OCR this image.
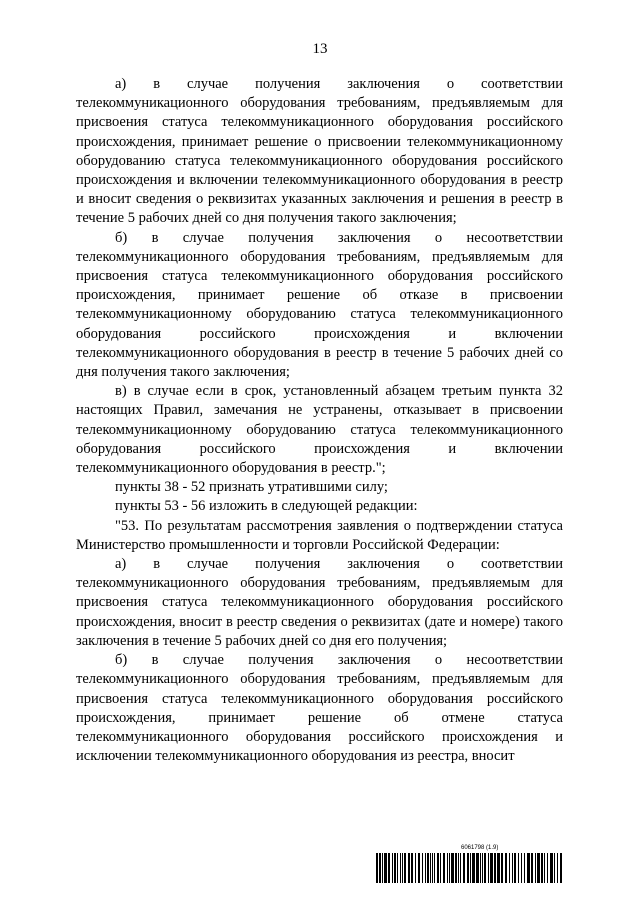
13

а) в случае получения заключения о соответствии телекоммуникационного оборудования требованиям, предъявляемым для присвоения статуса телекоммуникационного оборудования российского происхождения, принимает решение о присвоении телекоммуникационному оборудованию статуса телекоммуникационного оборудования российского происхождения и включении телекоммуникационного оборудования в реестр и вносит сведения о реквизитах указанных заключения и решения в реестр в течение 5 рабочих дней со дня получения такого заключения;

б) в случае получения заключения о несоответствии телекоммуникационного оборудования требованиям, предъявляемым для присвоения статуса телекоммуникационного оборудования российского происхождения, принимает решение об отказе в присвоении телекоммуникационному оборудованию статуса телекоммуникационного оборудования российского происхождения и включении телекоммуникационного оборудования в реестр в течение 5 рабочих дней со дня получения такого заключения;

в) в случае если в срок, установленный абзацем третьим пункта 32 настоящих Правил, замечания не устранены, отказывает в присвоении телекоммуникационному оборудованию статуса телекоммуникационного оборудования российского происхождения и включении телекоммуникационного оборудования в реестр.";

пункты 38 - 52 признать утратившими силу;

пункты 53 - 56 изложить в следующей редакции:

"53. По результатам рассмотрения заявления о подтверждении статуса Министерство промышленности и торговли Российской Федерации:

а) в случае получения заключения о соответствии телекоммуникационного оборудования требованиям, предъявляемым для присвоения статуса телекоммуникационного оборудования российского происхождения, вносит в реестр сведения о реквизитах (дате и номере) такого заключения в течение 5 рабочих дней со дня его получения;

б) в случае получения заключения о несоответствии телекоммуникационного оборудования требованиям, предъявляемым для присвоения статуса телекоммуникационного оборудования российского происхождения, принимает решение об отмене статуса телекоммуникационного оборудования российского происхождения и исключении телекоммуникационного оборудования из реестра, вносит

6061798 (1.9)
